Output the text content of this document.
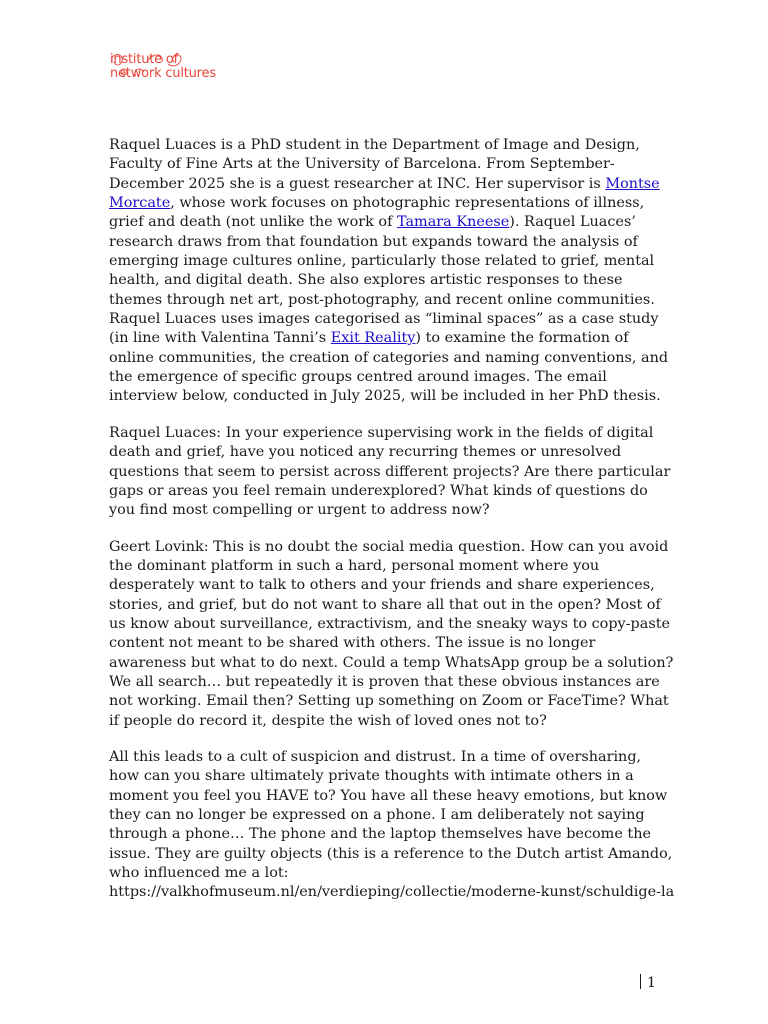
institute of
network cultures
Raquel Luaces is a PhD student in the Department of Image and Design,
Faculty of Fine Arts at the University of Barcelona. From September-
December 2025 she is a guest researcher at INC. Her supervisor is Montse
Morcate, whose work focuses on photographic representations of illness,
grief and death (not unlike the work of Tamara Kneese). Raquel Luaces’
research draws from that foundation but expands toward the analysis of
emerging image cultures online, particularly those related to grief, mental
health, and digital death. She also explores artistic responses to these
themes through net art, post-photography, and recent online communities.
Raquel Luaces uses images categorised as “liminal spaces” as a case study
(in line with Valentina Tanni’s Exit Reality) to examine the formation of
online communities, the creation of categories and naming conventions, and
the emergence of specific groups centred around images. The email
interview below, conducted in July 2025, will be included in her PhD thesis.
Raquel Luaces: In your experience supervising work in the fields of digital
death and grief, have you noticed any recurring themes or unresolved
questions that seem to persist across different projects? Are there particular
gaps or areas you feel remain underexplored? What kinds of questions do
you find most compelling or urgent to address now?
Geert Lovink: This is no doubt the social media question. How can you avoid
the dominant platform in such a hard, personal moment where you
desperately want to talk to others and your friends and share experiences,
stories, and grief, but do not want to share all that out in the open? Most of
us know about surveillance, extractivism, and the sneaky ways to copy-paste
content not meant to be shared with others. The issue is no longer
awareness but what to do next. Could a temp WhatsApp group be a solution?
We all search… but repeatedly it is proven that these obvious instances are
not working. Email then? Setting up something on Zoom or FaceTime? What
if people do record it, despite the wish of loved ones not to?
All this leads to a cult of suspicion and distrust. In a time of oversharing,
how can you share ultimately private thoughts with intimate others in a
moment you feel you HAVE to? You have all these heavy emotions, but know
they can no longer be expressed on a phone. I am deliberately not saying
through a phone… The phone and the laptop themselves have become the
issue. They are guilty objects (this is a reference to the Dutch artist Amando,
who influenced me a lot:
https://valkhofmuseum.nl/en/verdieping/collectie/moderne-kunst/schuldige-la
1
